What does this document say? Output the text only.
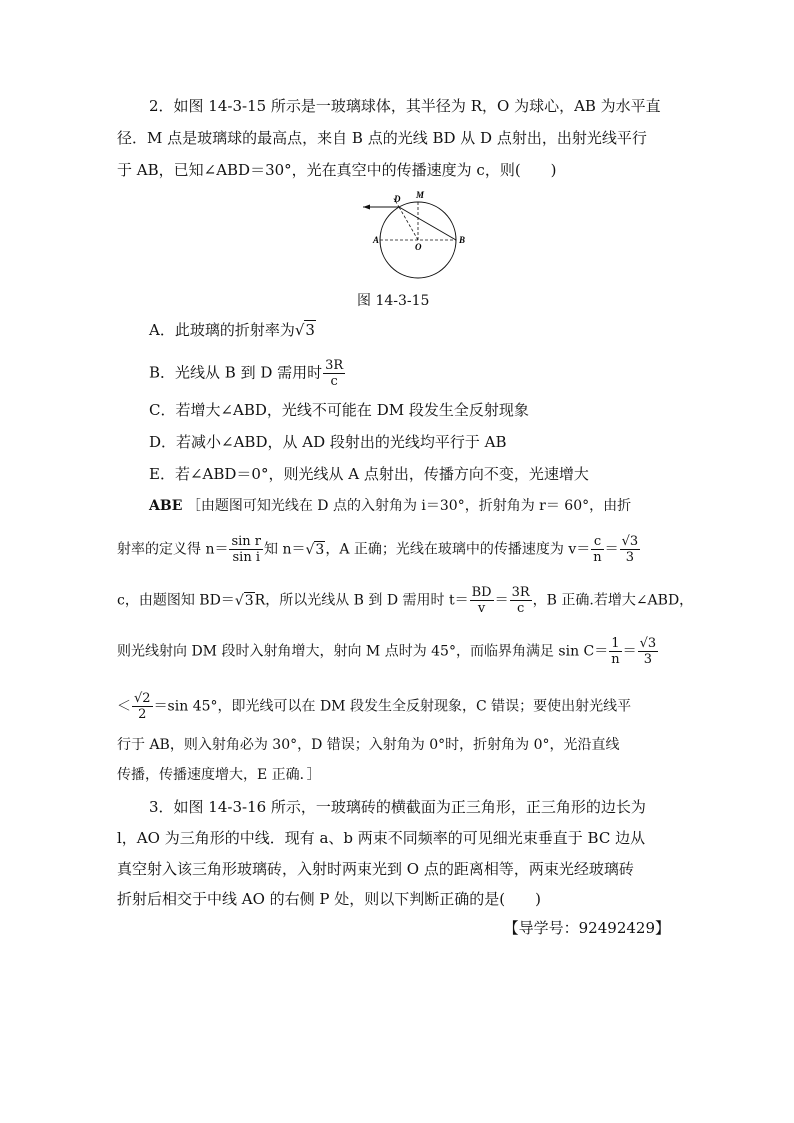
2．如图 14-3-15 所示是一玻璃球体，其半径为 R，O 为球心，AB 为水平直
径．M 点是玻璃球的最高点，来自 B 点的光线 BD 从 D 点射出，出射光线平行
于 AB，已知∠ABD＝30°，光在真空中的传播速度为 c，则(　　)
D M
A
O
B
图 14-3-15
A．此玻璃的折射率为√3
B．光线从 B 到 D 需用时 $\frac{3R}{c}$
C．若增大∠ABD，光线不可能在 DM 段发生全反射现象
D．若减小∠ABD，从 AD 段射出的光线均平行于 AB
E．若∠ABD＝0°，则光线从 A 点射出，传播方向不变，光速增大
ABE ［由题图可知光线在 D 点的入射角为 i＝30°，折射角为 r＝ 60°，由折
射率的定义得 $n= \frac{\text{sin r}}{\text{sin i}}$ 知 n＝√3，A 正确；光线在玻璃中的传播速度为 $v= \frac{c}{n} = \frac{√3}{3}$
c，由题图知 BD＝√3R，所以光线从 B 到 D 需用时 $t= \frac{BD}{v} = \frac{3R}{c}$ ，B 正确.若增大∠ABD，
则光线射向 DM 段时入射角增大，射向 M 点时为 45°，而临界角满足 $\sin C= \frac{1}{n} = \frac{√3}{3}$
＜ $\frac{√2}{2} =\sin$ 45°，即光线可以在 DM 段发生全反射现象，C 错误；要使出射光线平
行于 AB，则入射角必为 30°，D 错误；入射角为 0°时，折射角为 0°，光沿直线
传播，传播速度增大，E 正确．］
3．如图 14-3-16 所示，一玻璃砖的横截面为正三角形，正三角形的边长为
l，AO 为三角形的中线．现有 a、b 两束不同频率的可见细光束垂直于 BC 边从
真空射入该三角形玻璃砖，入射时两束光到 O 点的距离相等，两束光经玻璃砖
折射后相交于中线 AO 的右侧 P 处，则以下判断正确的是(　　)
【导学号：92492429】
